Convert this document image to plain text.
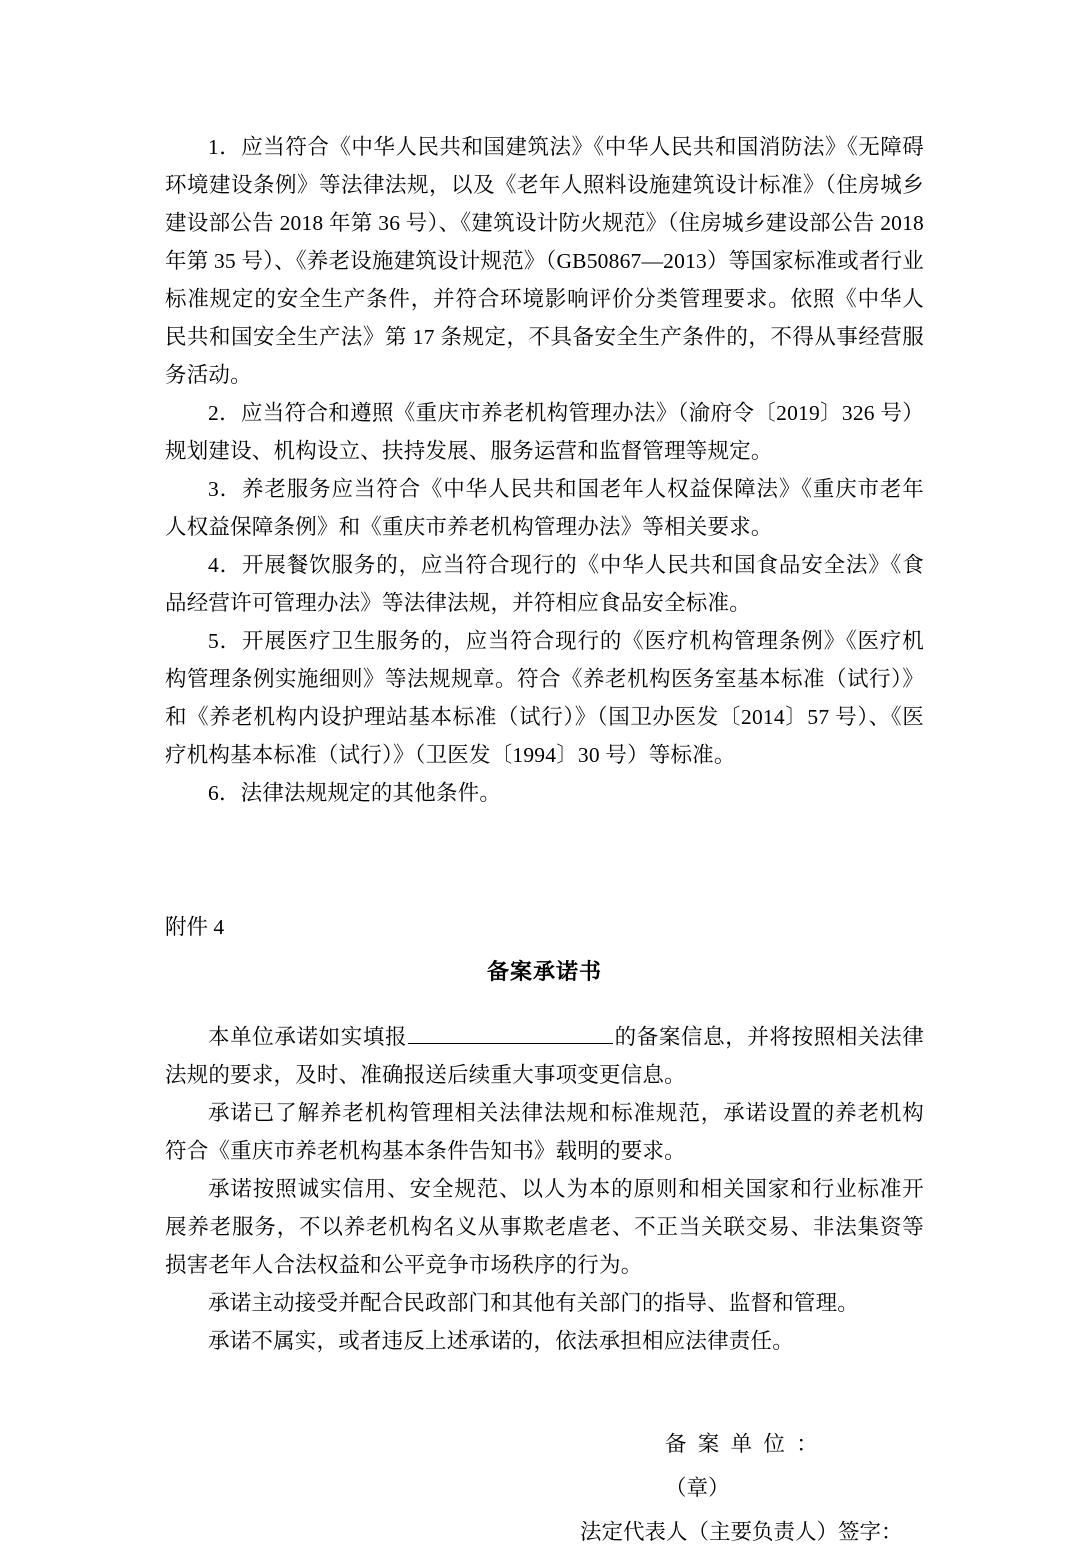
1．应当符合《中华人民共和国建筑法》《中华人民共和国消防法》《无障碍环境建设条例》等法律法规，以及《老年人照料设施建筑设计标准》（住房城乡建设部公告 2018 年第 36 号）、《建筑设计防火规范》（住房城乡建设部公告 2018 年第 35 号）、《养老设施建筑设计规范》（GB50867—2013）等国家标准或者行业标准规定的安全生产条件，并符合环境影响评价分类管理要求。依照《中华人民共和国安全生产法》第 17 条规定，不具备安全生产条件的，不得从事经营服务活动。

2．应当符合和遵照《重庆市养老机构管理办法》（渝府令〔2019〕326 号）规划建设、机构设立、扶持发展、服务运营和监督管理等规定。

3．养老服务应当符合《中华人民共和国老年人权益保障法》《重庆市老年人权益保障条例》和《重庆市养老机构管理办法》等相关要求。

4．开展餐饮服务的，应当符合现行的《中华人民共和国食品安全法》《食品经营许可管理办法》等法律法规，并符相应食品安全标准。

5．开展医疗卫生服务的，应当符合现行的《医疗机构管理条例》《医疗机构管理条例实施细则》等法规规章。符合《养老机构医务室基本标准（试行）》和《养老机构内设护理站基本标准（试行）》（国卫办医发〔2014〕57 号）、《医疗机构基本标准（试行）》（卫医发〔1994〕30 号）等标准。

6．法律法规规定的其他条件。

附件 4

备案承诺书

本单位承诺如实填报	的备案信息，并将按照相关法律法规的要求，及时、准确报送后续重大事项变更信息。

承诺已了解养老机构管理相关法律法规和标准规范，承诺设置的养老机构符合《重庆市养老机构基本条件告知书》载明的要求。

承诺按照诚实信用、安全规范、以人为本的原则和相关国家和行业标准开展养老服务，不以养老机构名义从事欺老虐老、不正当关联交易、非法集资等损害老年人合法权益和公平竞争市场秩序的行为。

承诺主动接受并配合民政部门和其他有关部门的指导、监督和管理。

承诺不属实，或者违反上述承诺的，依法承担相应法律责任。

备案单位：（章）
法定代表人（主要负责人）签字：
